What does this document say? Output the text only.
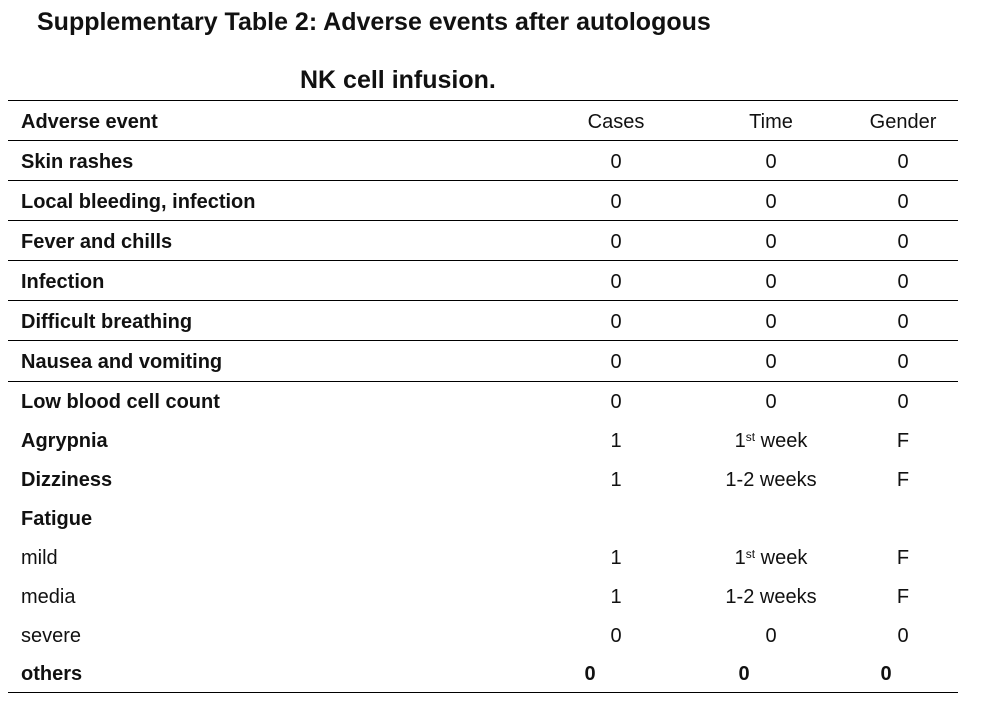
Supplementary Table 2: Adverse events after autologous
NK cell infusion.
Adverse event	Cases	Time	Gender
Skin rashes	0	0	0
Local bleeding, infection	0	0	0
Fever and chills	0	0	0
Infection	0	0	0
Difficult breathing	0	0	0
Nausea and vomiting	0	0	0
Low blood cell count	0	0	0
Agrypnia	1	1st week	F
Dizziness	1	1-2 weeks	F
Fatigue
mild	1	1st week	F
media	1	1-2 weeks	F
severe	0	0	0
others	0	0	0
